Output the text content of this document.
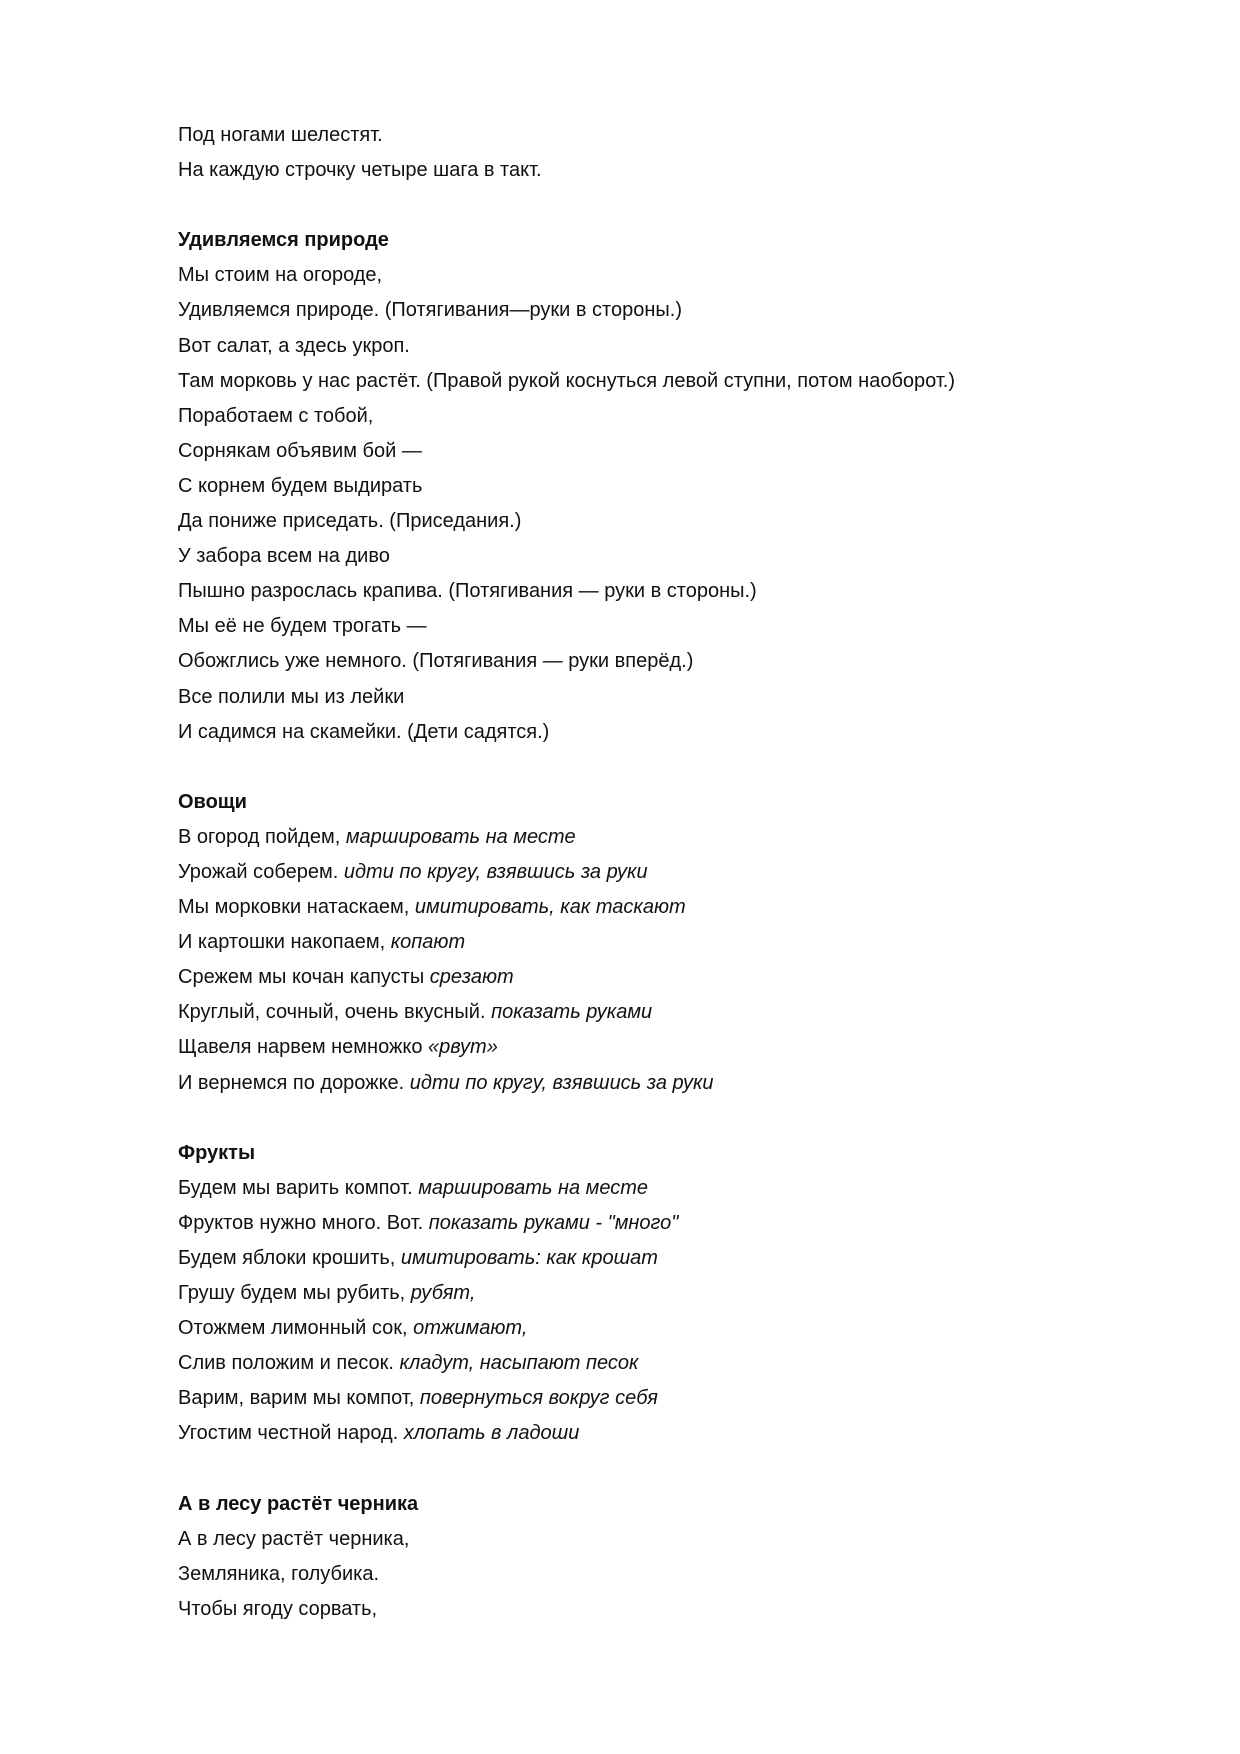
Под ногами шелестят.
На каждую строчку четыре шага в такт.
Удивляемся природе
Мы стоим на огороде,
Удивляемся природе. (Потягивания—руки в стороны.)
Вот салат, а здесь укроп.
Там морковь у нас растёт. (Правой рукой коснуться левой ступни, потом наоборот.)
Поработаем с тобой,
Сорнякам объявим бой —
С корнем будем выдирать
Да пониже приседать. (Приседания.)
У забора всем на диво
Пышно разрослась крапива. (Потягивания — руки в стороны.)
Мы её не будем трогать —
Обожглись уже немного. (Потягивания — руки вперёд.)
Все полили мы из лейки
И садимся на скамейки. (Дети садятся.)
Овощи
В огород пойдем, маршировать на месте
Урожай соберем. идти по кругу, взявшись за руки
Мы морковки натаскаем, имитировать, как таскают
И картошки накопаем, копают
Срежем мы кочан капусты срезают
Круглый, сочный, очень вкусный. показать руками
Щавеля нарвем немножко «рвут»
И вернемся по дорожке. идти по кругу, взявшись за руки
Фрукты
Будем мы варить компот. маршировать на месте
Фруктов нужно много. Вот. показать руками - "много"
Будем яблоки крошить, имитировать: как крошат
Грушу будем мы рубить, рубят,
Отожмем лимонный сок, отжимают,
Слив положим и песок. кладут, насыпают песок
Варим, варим мы компот, повернуться вокруг себя
Угостим честной народ. хлопать в ладоши
А в лесу растёт черника
А в лесу растёт черника,
Земляника, голубика.
Чтобы ягоду сорвать,
